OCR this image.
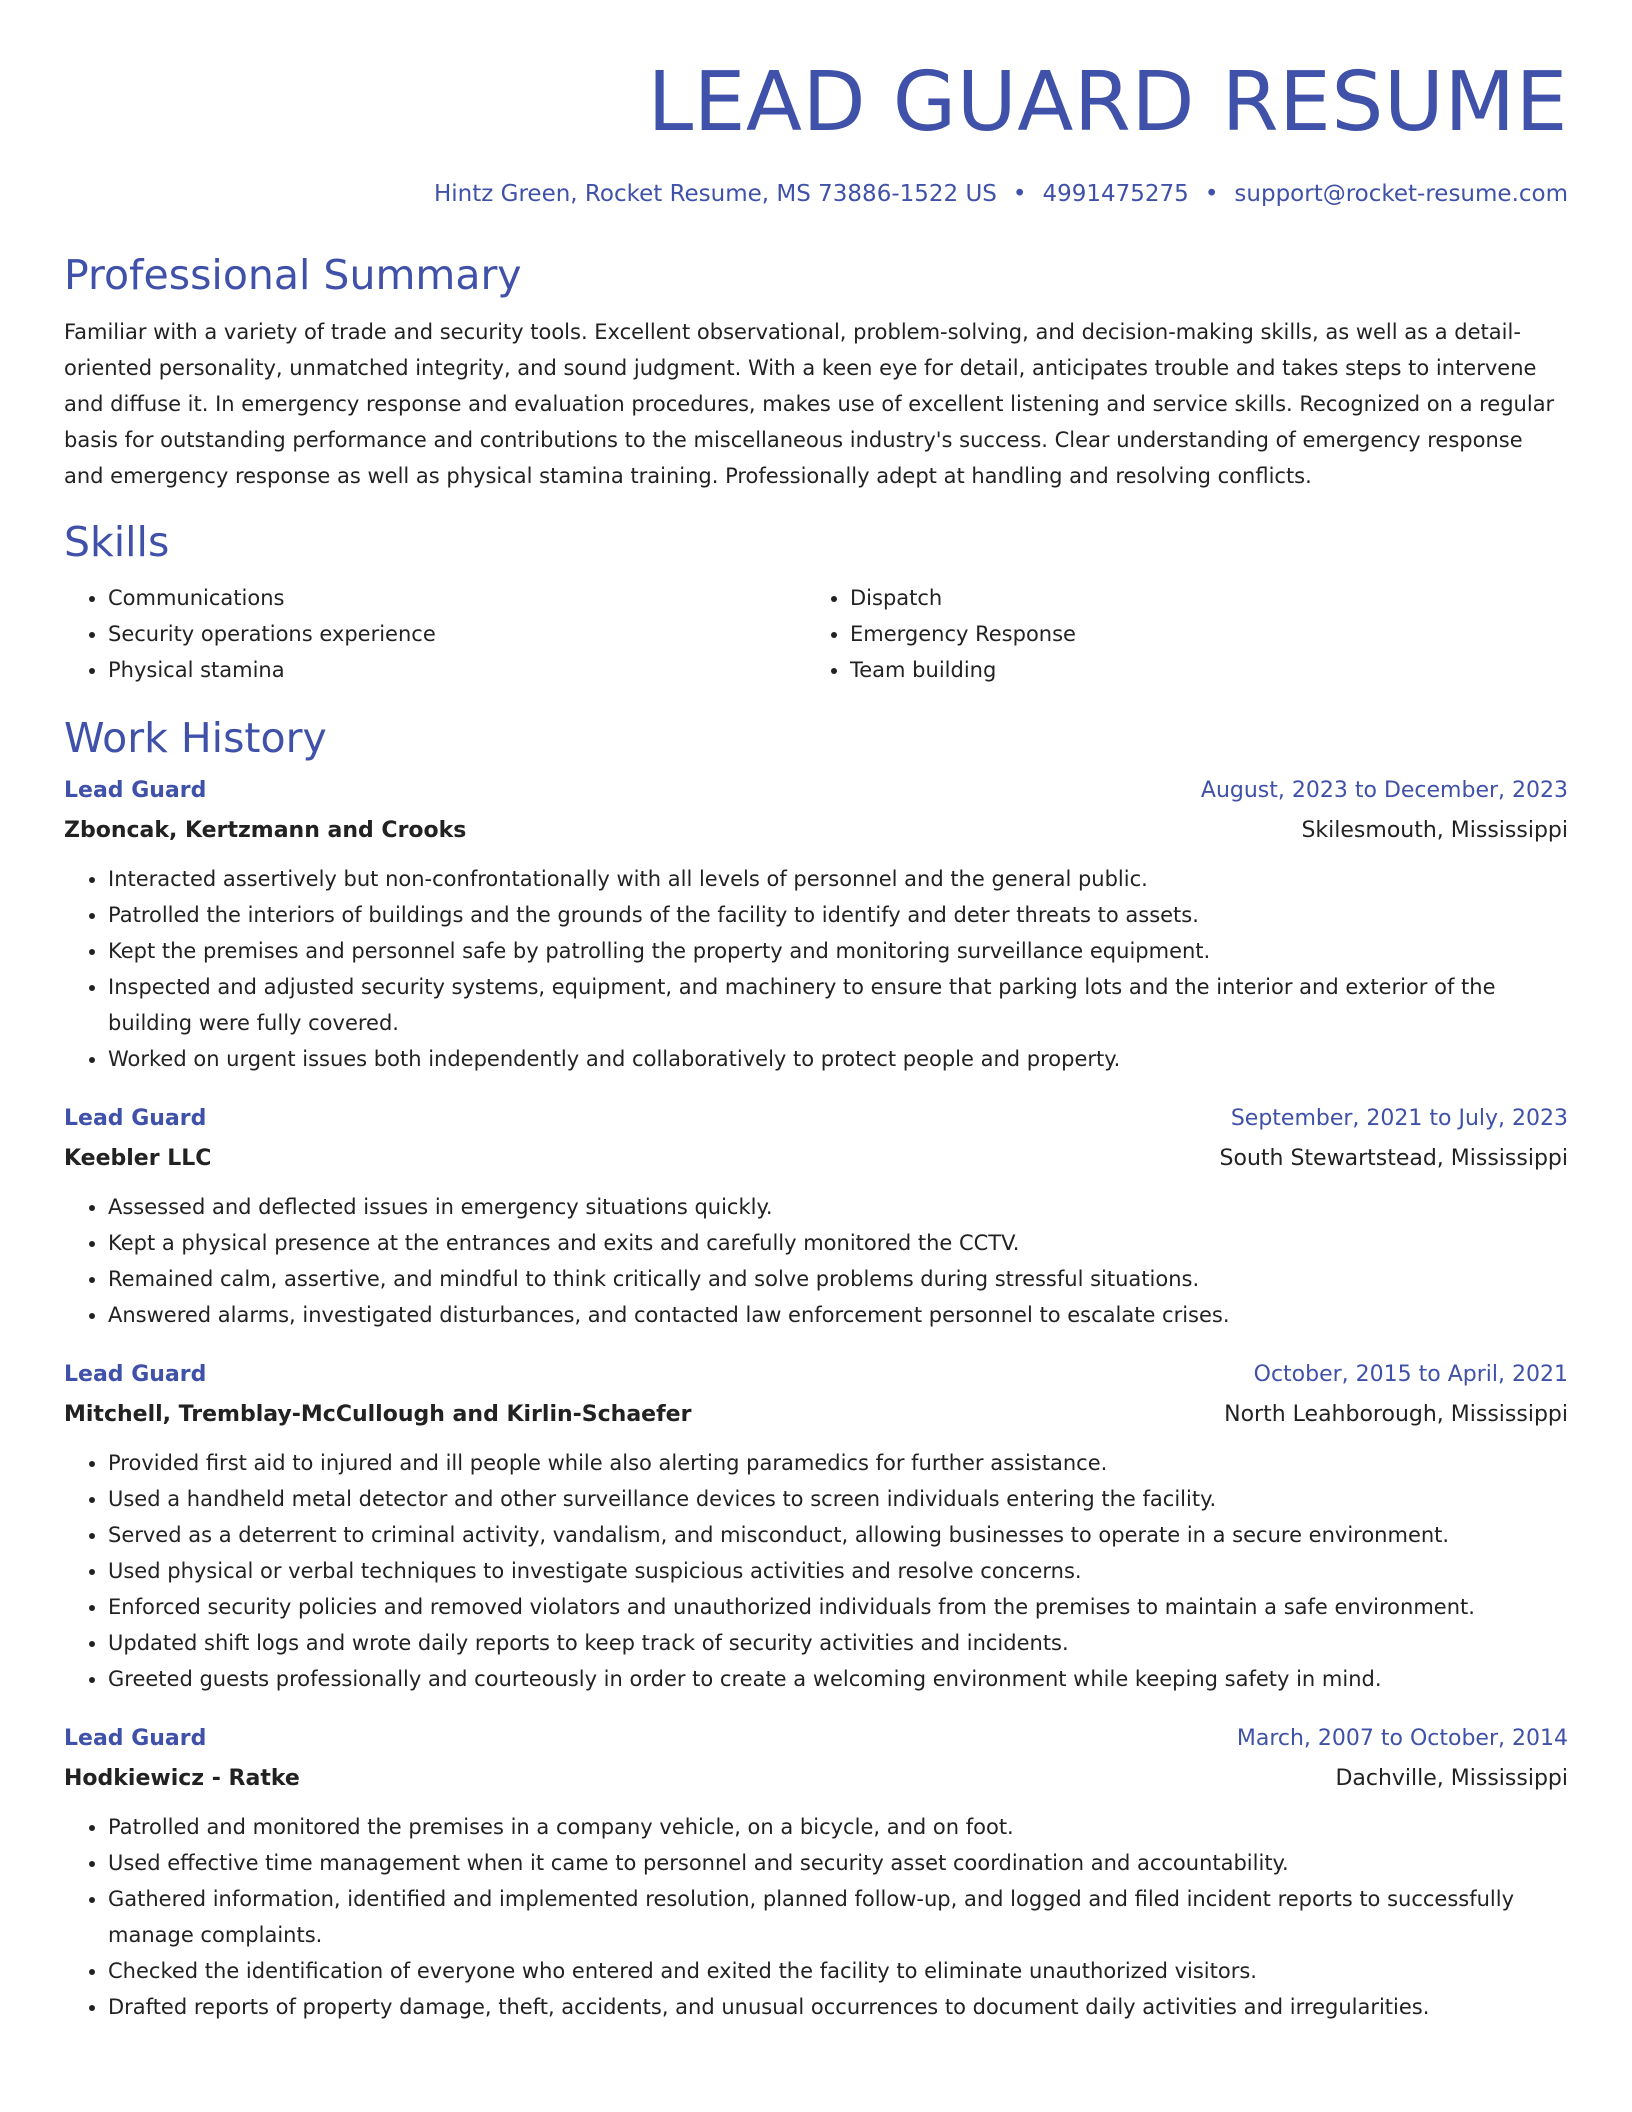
LEAD GUARD RESUME
Hintz Green, Rocket Resume, MS 73886-1522 US • 4991475275 • support@rocket-resume.com
Professional Summary
Familiar with a variety of trade and security tools. Excellent observational, problem-solving, and decision-making skills, as well as a detail-oriented personality, unmatched integrity, and sound judgment. With a keen eye for detail, anticipates trouble and takes steps to intervene and diffuse it. In emergency response and evaluation procedures, makes use of excellent listening and service skills. Recognized on a regular basis for outstanding performance and contributions to the miscellaneous industry's success. Clear understanding of emergency response and emergency response as well as physical stamina training. Professionally adept at handling and resolving conflicts.
Skills
• Communications
• Security operations experience
• Physical stamina
• Dispatch
• Emergency Response
• Team building
Work History
Lead Guard	August, 2023 to December, 2023
Zboncak, Kertzmann and Crooks	Skilesmouth, Mississippi
• Interacted assertively but non-confrontationally with all levels of personnel and the general public.
• Patrolled the interiors of buildings and the grounds of the facility to identify and deter threats to assets.
• Kept the premises and personnel safe by patrolling the property and monitoring surveillance equipment.
• Inspected and adjusted security systems, equipment, and machinery to ensure that parking lots and the interior and exterior of the building were fully covered.
• Worked on urgent issues both independently and collaboratively to protect people and property.
Lead Guard	September, 2021 to July, 2023
Keebler LLC	South Stewartstead, Mississippi
• Assessed and deflected issues in emergency situations quickly.
• Kept a physical presence at the entrances and exits and carefully monitored the CCTV.
• Remained calm, assertive, and mindful to think critically and solve problems during stressful situations.
• Answered alarms, investigated disturbances, and contacted law enforcement personnel to escalate crises.
Lead Guard	October, 2015 to April, 2021
Mitchell, Tremblay-McCullough and Kirlin-Schaefer	North Leahborough, Mississippi
• Provided first aid to injured and ill people while also alerting paramedics for further assistance.
• Used a handheld metal detector and other surveillance devices to screen individuals entering the facility.
• Served as a deterrent to criminal activity, vandalism, and misconduct, allowing businesses to operate in a secure environment.
• Used physical or verbal techniques to investigate suspicious activities and resolve concerns.
• Enforced security policies and removed violators and unauthorized individuals from the premises to maintain a safe environment.
• Updated shift logs and wrote daily reports to keep track of security activities and incidents.
• Greeted guests professionally and courteously in order to create a welcoming environment while keeping safety in mind.
Lead Guard	March, 2007 to October, 2014
Hodkiewicz - Ratke	Dachville, Mississippi
• Patrolled and monitored the premises in a company vehicle, on a bicycle, and on foot.
• Used effective time management when it came to personnel and security asset coordination and accountability.
• Gathered information, identified and implemented resolution, planned follow-up, and logged and filed incident reports to successfully manage complaints.
• Checked the identification of everyone who entered and exited the facility to eliminate unauthorized visitors.
• Drafted reports of property damage, theft, accidents, and unusual occurrences to document daily activities and irregularities.
